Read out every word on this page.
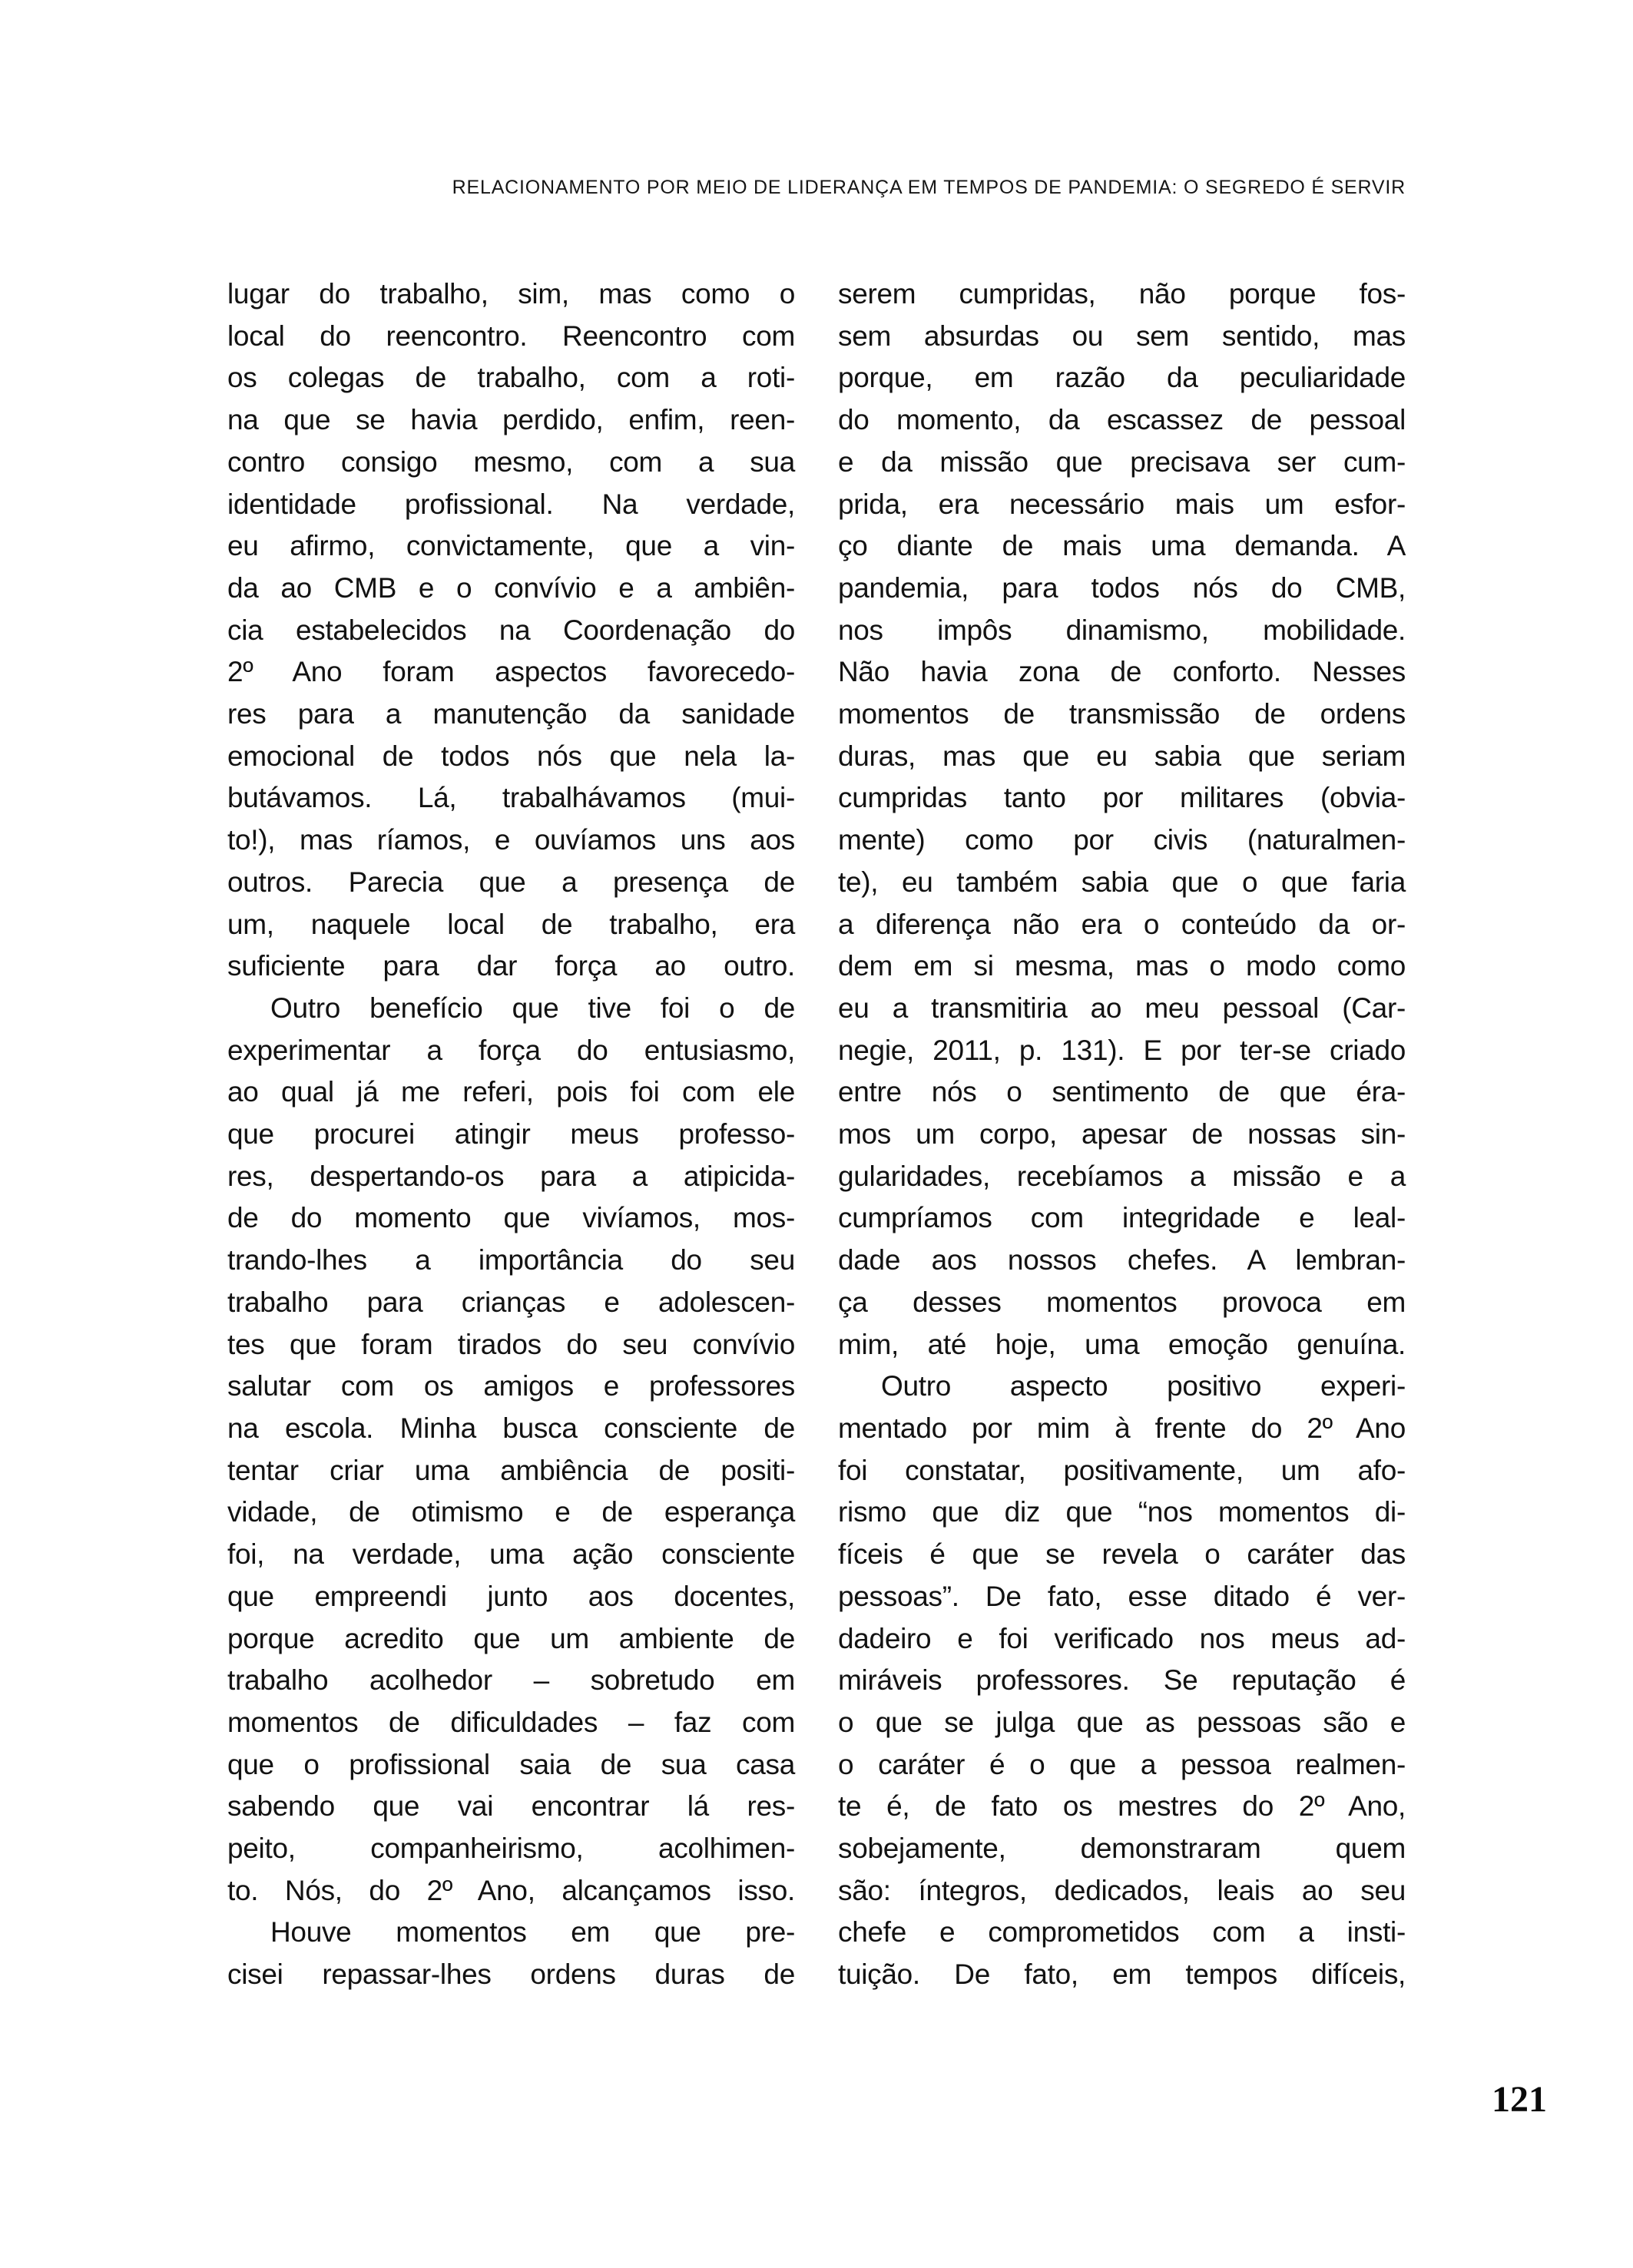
RELACIONAMENTO POR MEIO DE LIDERANÇA EM TEMPOS DE PANDEMIA: O SEGREDO É SERVIR
lugar do trabalho, sim, mas como o
local do reencontro. Reencontro com
os colegas de trabalho, com a roti-
na que se havia perdido, enfim, reen-
contro consigo mesmo, com a sua
identidade profissional. Na verdade,
eu afirmo, convictamente, que a vin-
da ao CMB e o convívio e a ambiên-
cia estabelecidos na Coordenação do
2º Ano foram aspectos favorecedo-
res para a manutenção da sanidade
emocional de todos nós que nela la-
butávamos. Lá, trabalhávamos (mui-
to!), mas ríamos, e ouvíamos uns aos
outros. Parecia que a presença de
um, naquele local de trabalho, era
suficiente para dar força ao outro.
Outro benefício que tive foi o de
experimentar a força do entusiasmo,
ao qual já me referi, pois foi com ele
que procurei atingir meus professo-
res, despertando-os para a atipicida-
de do momento que vivíamos, mos-
trando-lhes a importância do seu
trabalho para crianças e adolescen-
tes que foram tirados do seu convívio
salutar com os amigos e professores
na escola. Minha busca consciente de
tentar criar uma ambiência de positi-
vidade, de otimismo e de esperança
foi, na verdade, uma ação consciente
que empreendi junto aos docentes,
porque acredito que um ambiente de
trabalho acolhedor – sobretudo em
momentos de dificuldades – faz com
que o profissional saia de sua casa
sabendo que vai encontrar lá res-
peito, companheirismo, acolhimen-
to. Nós, do 2º Ano, alcançamos isso.
Houve momentos em que pre-
cisei repassar-lhes ordens duras de
serem cumpridas, não porque fos-
sem absurdas ou sem sentido, mas
porque, em razão da peculiaridade
do momento, da escassez de pessoal
e da missão que precisava ser cum-
prida, era necessário mais um esfor-
ço diante de mais uma demanda. A
pandemia, para todos nós do CMB,
nos impôs dinamismo, mobilidade.
Não havia zona de conforto. Nesses
momentos de transmissão de ordens
duras, mas que eu sabia que seriam
cumpridas tanto por militares (obvia-
mente) como por civis (naturalmen-
te), eu também sabia que o que faria
a diferença não era o conteúdo da or-
dem em si mesma, mas o modo como
eu a transmitiria ao meu pessoal (Car-
negie, 2011, p. 131). E por ter-se criado
entre nós o sentimento de que éra-
mos um corpo, apesar de nossas sin-
gularidades, recebíamos a missão e a
cumpríamos com integridade e leal-
dade aos nossos chefes. A lembran-
ça desses momentos provoca em
mim, até hoje, uma emoção genuína.
Outro aspecto positivo experi-
mentado por mim à frente do 2º Ano
foi constatar, positivamente, um afo-
rismo que diz que “nos momentos di-
fíceis é que se revela o caráter das
pessoas”. De fato, esse ditado é ver-
dadeiro e foi verificado nos meus ad-
miráveis professores. Se reputação é
o que se julga que as pessoas são e
o caráter é o que a pessoa realmen-
te é, de fato os mestres do 2º Ano,
sobejamente, demonstraram quem
são: íntegros, dedicados, leais ao seu
chefe e comprometidos com a insti-
tuição. De fato, em tempos difíceis,
121
